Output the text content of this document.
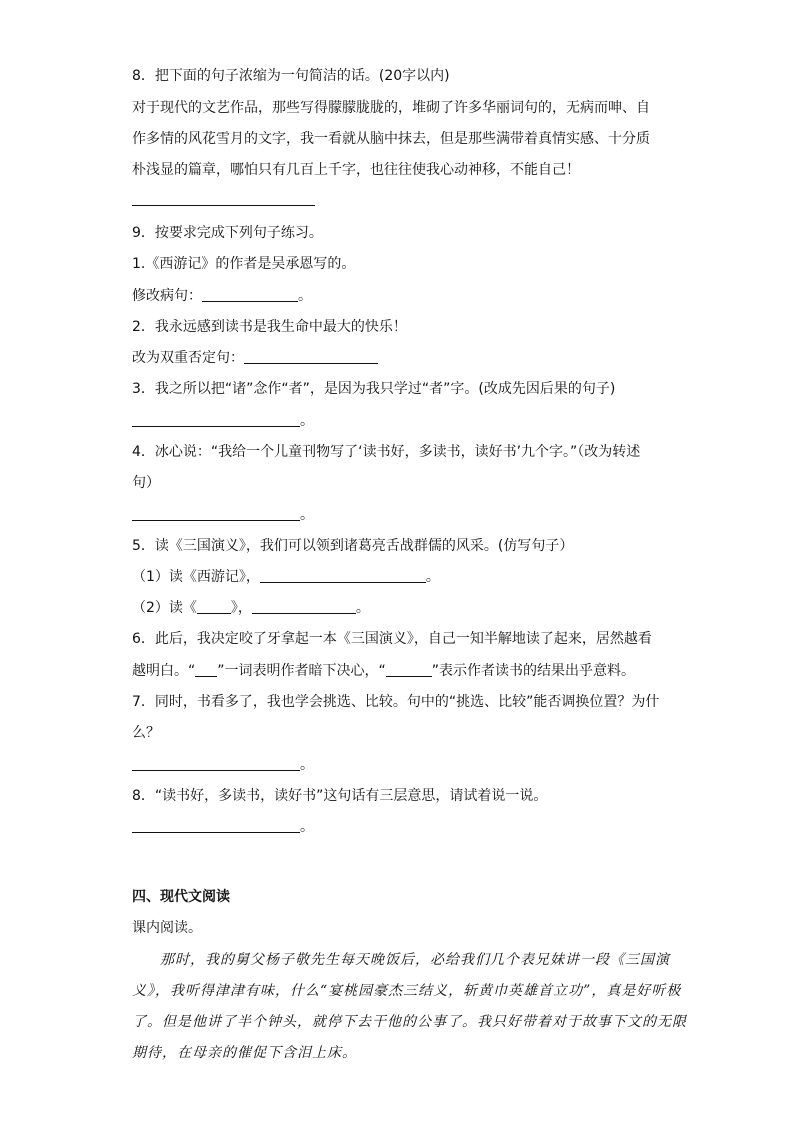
8．把下面的句子浓缩为一句简洁的话。(20字以内)
对于现代的文艺作品，那些写得朦朦胧胧的，堆砌了许多华丽词句的，无病而呻、自
作多情的风花雪月的文字，我一看就从脑中抹去，但是那些满带着真情实感、十分质
朴浅显的篇章，哪怕只有几百上千字，也往往使我心动神移，不能自己！
9．按要求完成下列句子练习。
1.《西游记》的作者是吴承恩写的。
修改病句：	。
2．我永远感到读书是我生命中最大的快乐！
改为双重否定句：
3．我之所以把“诸”念作“者”，是因为我只学过“者”字。(改成先因后果的句子)
。
4．冰心说：“我给一个儿童刊物写了‘读书好，多读书，读好书’九个字。”（改为转述
句）
。
5．读《三国演义》，我们可以领到诸葛亮舌战群儒的风采。(仿写句子）
（1）读《西游记》，	。
（2）读《 》，	。
6．此后，我决定咬了牙拿起一本《三国演义》，自己一知半解地读了起来，居然越看
越明白。“ ”一词表明作者暗下决心，“	”表示作者读书的结果出乎意料。
7．同时，书看多了，我也学会挑选、比较。句中的“挑选、比较”能否调换位置？为什
么？
。
8．“读书好，多读书，读好书”这句话有三层意思，请试着说一说。
。
四、现代文阅读
课内阅读。
那时，我的舅父杨子敬先生每天晚饭后，必给我们几个表兄妹讲一段《三国演
义》，我听得津津有味，什么“宴桃园豪杰三结义，斩黄巾英雄首立功”，真是好听极
了。但是他讲了半个钟头，就停下去干他的公事了。我只好带着对于故事下文的无限
期待，在母亲的催促下含泪上床。
